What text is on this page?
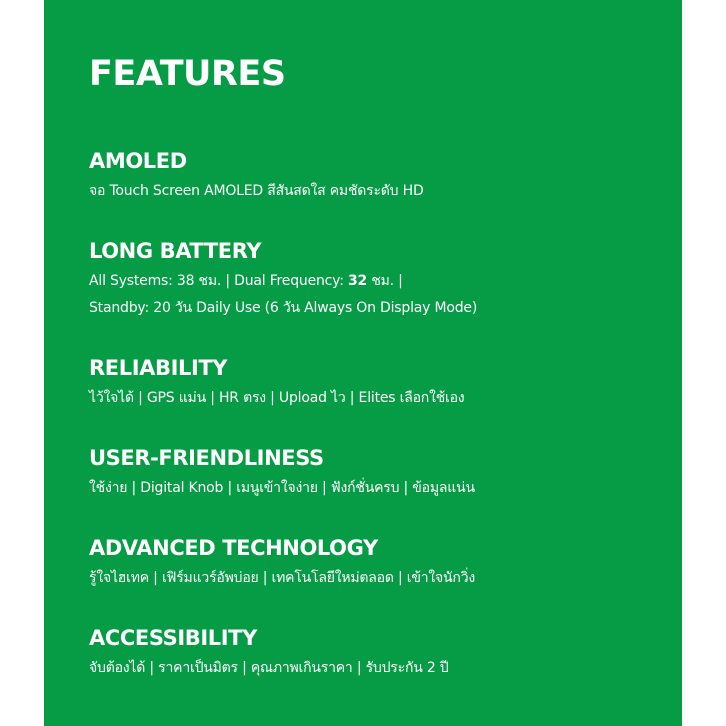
FEATURES
AMOLED
จอ Touch Screen AMOLED สีสันสดใส คมชัดระดับ HD
LONG BATTERY
All Systems: 38 ชม. | Dual Frequency: 32 ชม. |
Standby: 20 วัน Daily Use (6 วัน Always On Display Mode)
RELIABILITY
ไว้ใจได้ | GPS แม่น | HR ตรง | Upload ไว | Elites เลือกใช้เอง
USER-FRIENDLINESS
ใช้ง่าย | Digital Knob | เมนูเข้าใจง่าย | ฟังก์ชั่นครบ | ข้อมูลแน่น
ADVANCED TECHNOLOGY
รู้ใจไฮเทค | เฟิร์มแวร์อัพบ่อย | เทคโนโลยีใหม่ตลอด | เข้าใจนักวิ่ง
ACCESSIBILITY
จับต้องได้ | ราคาเป็นมิตร | คุณภาพเกินราคา | รับประกัน 2 ปี
